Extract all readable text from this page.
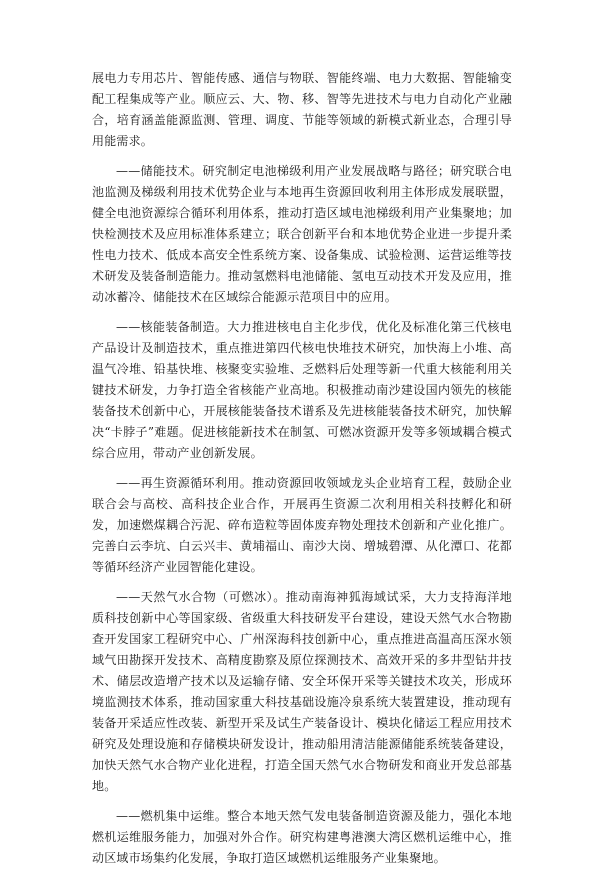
展电力专用芯片、智能传感、通信与物联、智能终端、电力大数据、智能输变配工程集成等产业。顺应云、大、物、移、智等先进技术与电力自动化产业融合，培育涵盖能源监测、管理、调度、节能等领域的新模式新业态，合理引导用能需求。

——储能技术。研究制定电池梯级利用产业发展战略与路径；研究联合电池监测及梯级利用技术优势企业与本地再生资源回收利用主体形成发展联盟，健全电池资源综合循环利用体系，推动打造区域电池梯级利用产业集聚地；加快检测技术及应用标准体系建立；联合创新平台和本地优势企业进一步提升柔性电力技术、低成本高安全性系统方案、设备集成、试验检测、运营运维等技术研发及装备制造能力。推动氢燃料电池储能、氢电互动技术开发及应用，推动冰蓄冷、储能技术在区域综合能源示范项目中的应用。

——核能装备制造。大力推进核电自主化步伐，优化及标准化第三代核电产品设计及制造技术，重点推进第四代核电快堆技术研究，加快海上小堆、高温气冷堆、铅基快堆、核聚变实验堆、乏燃料后处理等新一代重大核能利用关键技术研发，力争打造全省核能产业高地。积极推动南沙建设国内领先的核能装备技术创新中心，开展核能装备技术谱系及先进核能装备技术研究，加快解决“卡脖子”难题。促进核能新技术在制氢、可燃冰资源开发等多领域耦合模式综合应用，带动产业创新发展。

——再生资源循环利用。推动资源回收领域龙头企业培育工程，鼓励企业联合会与高校、高科技企业合作，开展再生资源二次利用相关科技孵化和研发，加速燃煤耦合污泥、碎布造粒等固体废弃物处理技术创新和产业化推广。完善白云李坑、白云兴丰、黄埔福山、南沙大岗、增城碧潭、从化潭口、花都等循环经济产业园智能化建设。

——天然气水合物（可燃冰）。推动南海神狐海域试采，大力支持海洋地质科技创新中心等国家级、省级重大科技研发平台建设，建设天然气水合物勘查开发国家工程研究中心、广州深海科技创新中心，重点推进高温高压深水领域气田勘探开发技术、高精度勘察及原位探测技术、高效开采的多井型钻井技术、储层改造增产技术以及运输存储、安全环保开采等关键技术攻关，形成环境监测技术体系，推动国家重大科技基础设施冷泉系统大装置建设，推动现有装备开采适应性改装、新型开采及试生产装备设计、模块化储运工程应用技术研究及处理设施和存储模块研发设计，推动船用清洁能源储能系统装备建设，加快天然气水合物产业化进程，打造全国天然气水合物研发和商业开发总部基地。

——燃机集中运维。整合本地天然气发电装备制造资源及能力，强化本地燃机运维服务能力，加强对外合作。研究构建粤港澳大湾区燃机运维中心，推动区域市场集约化发展，争取打造区域燃机运维服务产业集聚地。
